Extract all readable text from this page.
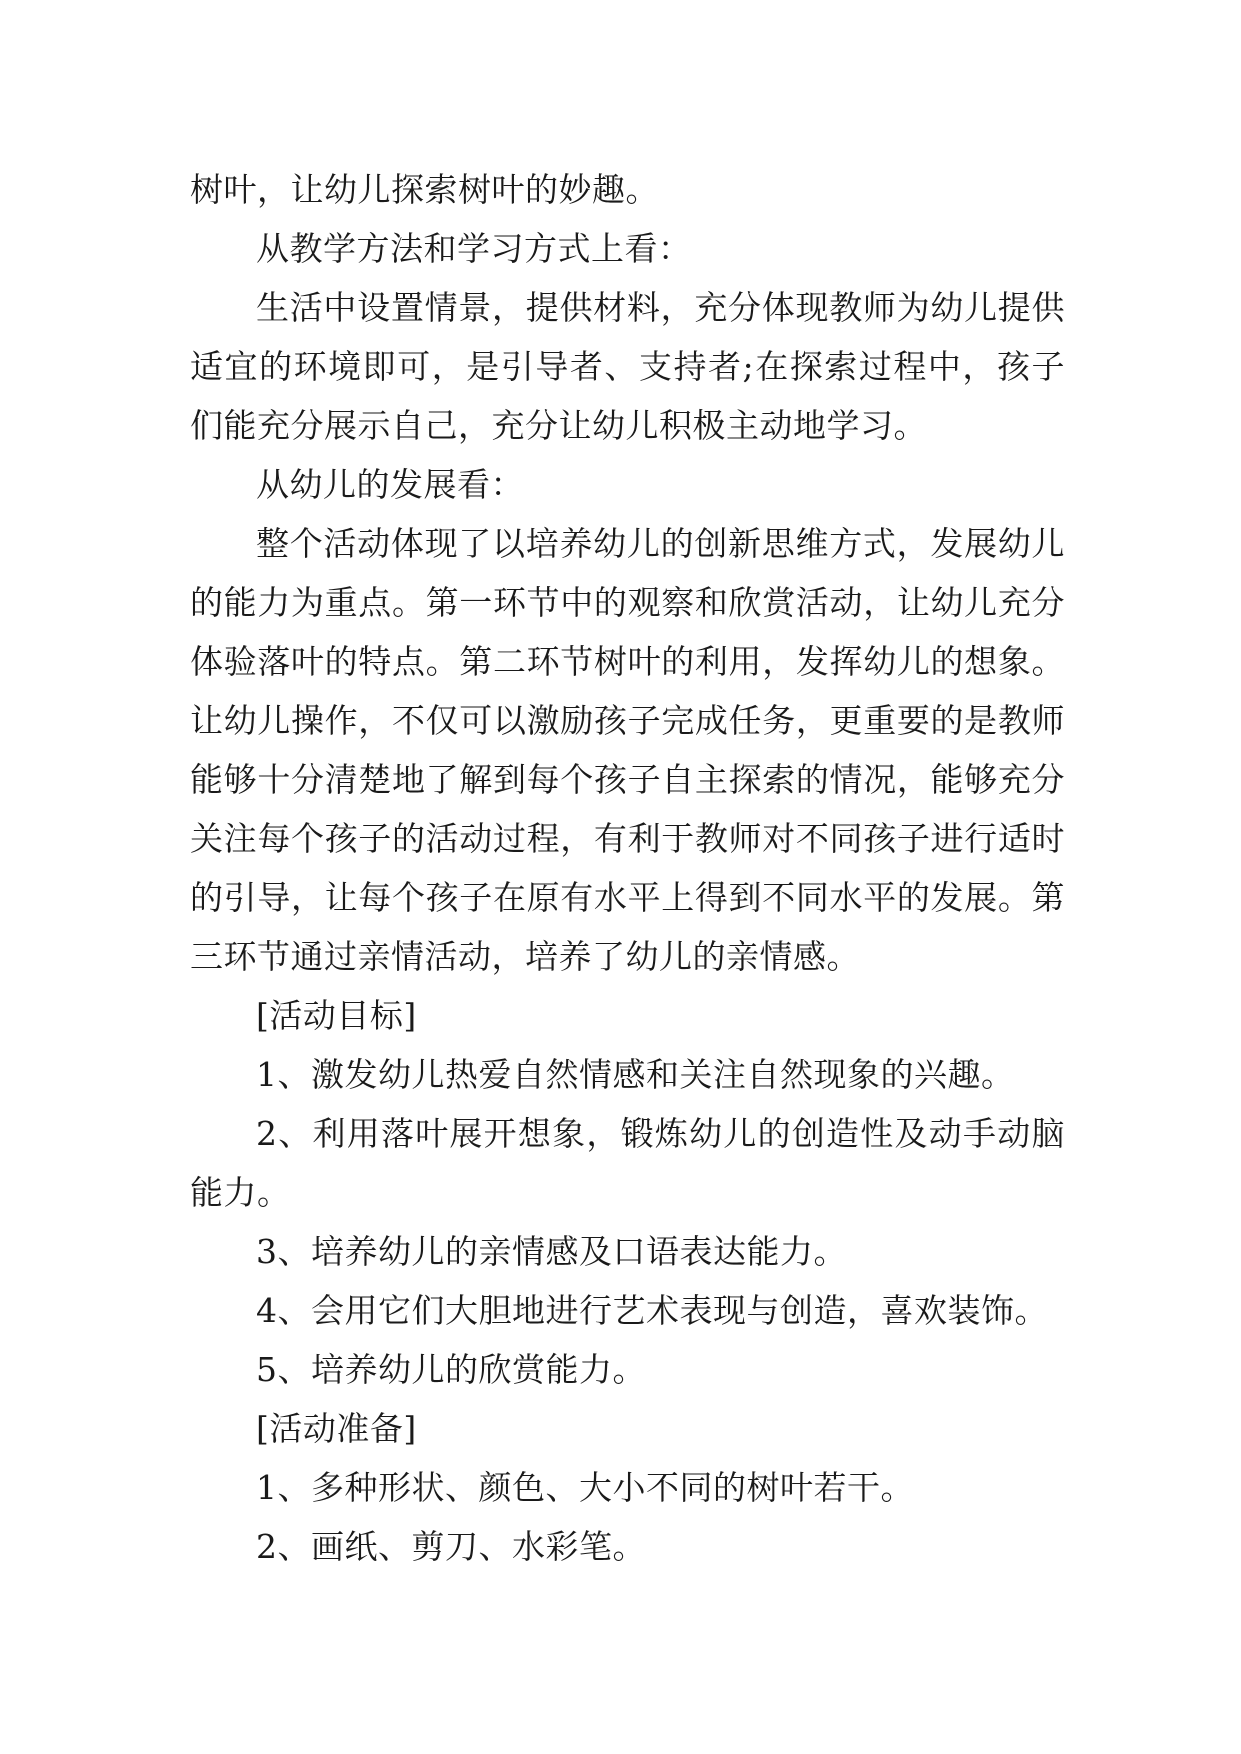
树叶，让幼儿探索树叶的妙趣。

从教学方法和学习方式上看：

生活中设置情景，提供材料，充分体现教师为幼儿提供适宜的环境即可，是引导者、支持者;在探索过程中，孩子们能充分展示自己，充分让幼儿积极主动地学习。

从幼儿的发展看：

整个活动体现了以培养幼儿的创新思维方式，发展幼儿的能力为重点。第一环节中的观察和欣赏活动，让幼儿充分体验落叶的特点。第二环节树叶的利用，发挥幼儿的想象。让幼儿操作，不仅可以激励孩子完成任务，更重要的是教师能够十分清楚地了解到每个孩子自主探索的情况，能够充分关注每个孩子的活动过程，有利于教师对不同孩子进行适时的引导，让每个孩子在原有水平上得到不同水平的发展。第三环节通过亲情活动，培养了幼儿的亲情感。

[活动目标]

1、激发幼儿热爱自然情感和关注自然现象的兴趣。

2、利用落叶展开想象，锻炼幼儿的创造性及动手动脑能力。

3、培养幼儿的亲情感及口语表达能力。

4、会用它们大胆地进行艺术表现与创造，喜欢装饰。

5、培养幼儿的欣赏能力。

[活动准备]

1、多种形状、颜色、大小不同的树叶若干。

2、画纸、剪刀、水彩笔。
